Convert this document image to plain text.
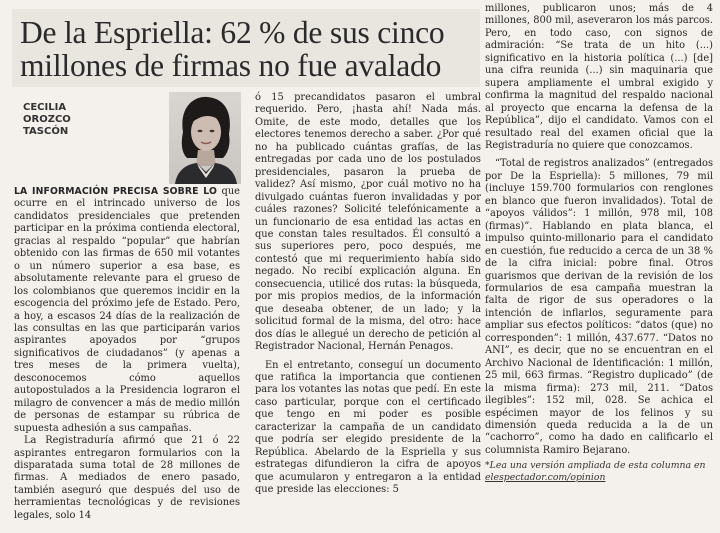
De la Espriella: 62 % de sus cinco
millones de firmas no fue avalado
CECILIA
OROZCO
TASCÓN

LA INFORMACIÓN PRECISA SOBRE LO que ocurre en el intrincado universo de los candidatos presidenciales que pretenden participar en la próxima contienda electoral, gracias al respaldo “popular” que habrían obtenido con las firmas de 650 mil votantes o un número superior a esa base, es absolutamente relevante para el grueso de los colombianos que queremos incidir en la escogencia del próximo jefe de Estado. Pero, a hoy, a escasos 24 días de la realización de las consultas en las que participarán varios aspirantes apoyados por “grupos significativos de ciudadanos” (y apenas a tres meses de la primera vuelta), desconocemos cómo aquellos autopostulados a la Presidencia lograron el milagro de convencer a más de medio millón de personas de estampar su rúbrica de supuesta adhesión a sus campañas.

La Registraduría afirmó que 21 ó 22 aspirantes entregaron formularios con la disparatada suma total de 28 millones de firmas. A mediados de enero pasado, también aseguró que después del uso de herramientas tecnológicas y de revisiones legales, solo 14

ó 15 precandidatos pasaron el umbral requerido. Pero, ¡hasta ahí! Nada más. Omite, de este modo, detalles que los electores tenemos derecho a saber. ¿Por qué no ha publicado cuántas grafías, de las entregadas por cada uno de los postulados presidenciales, pasaron la prueba de validez? Así mismo, ¿por cuál motivo no ha divulgado cuántas fueron invalidadas y por cuáles razones? Solicité telefónicamente a un funcionario de esa entidad las actas en que constan tales resultados. Él consultó a sus superiores pero, poco después, me contestó que mi requerimiento había sido negado. No recibí explicación alguna. En consecuencia, utilicé dos rutas: la búsqueda, por mis propios medios, de la información que deseaba obtener, de un lado; y la solicitud formal de la misma, del otro: hace dos días le allegué un derecho de petición al Registrador Nacional, Hernán Penagos.

En el entretanto, conseguí un documento que ratifica la importancia que contienen para los votantes las notas que pedí. En este caso particular, porque con el certificado que tengo en mi poder es posible caracterizar la campaña de un candidato que podría ser elegido presidente de la República. Abelardo de la Espriella y sus estrategas difundieron la cifra de apoyos que acumularon y entregaron a la entidad que preside las elecciones: 5

millones, publicaron unos; más de 4 millones, 800 mil, aseveraron los más parcos. Pero, en todo caso, con signos de admiración: “Se trata de un hito (...) significativo en la historia política (...) [de] una cifra reunida (...) sin maquinaria que supera ampliamente el umbral exigido y confirma la magnitud del respaldo nacional al proyecto que encarna la defensa de la República”, dijo el candidato. Vamos con el resultado real del examen oficial que la Registraduría no quiere que conozcamos.

“Total de registros analizados” (entregados por De la Espriella): 5 millones, 79 mil (incluye 159.700 formularios con renglones en blanco que fueron invalidados). Total de “apoyos válidos”: 1 millón, 978 mil, 108 (firmas)”. Hablando en plata blanca, el impulso quinto-millonario para el candidato en cuestión, fue reducido a cerca de un 38 % de la cifra inicial: pobre final. Otros guarismos que derivan de la revisión de los formularios de esa campaña muestran la falta de rigor de sus operadores o la intención de inflarlos, seguramente para ampliar sus efectos políticos: “datos (que) no corresponden”: 1 millón, 437.677. “Datos no ANI”, es decir, que no se encuentran en el Archivo Nacional de Identificación: 1 millón, 25 mil, 663 firmas. “Registro duplicado” (de la misma firma): 273 mil, 211. “Datos ilegibles”: 152 mil, 028. Se achica el espécimen mayor de los felinos y su dimensión queda reducida a la de un “cachorro”, como ha dado en calificarlo el columnista Ramiro Bejarano.

*Lea una versión ampliada de esta columna en
elespectador.com/opinion
